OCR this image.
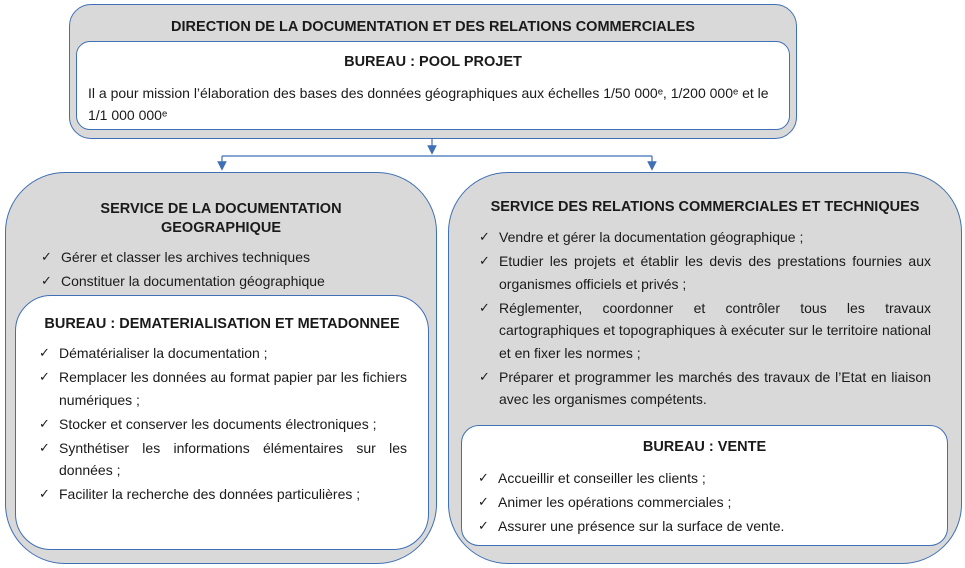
DIRECTION DE LA DOCUMENTATION ET DES RELATIONS COMMERCIALES
BUREAU : POOL PROJET
Il a pour mission l’élaboration des bases des données géographiques aux échelles 1/50 000ᵉ, 1/200 000ᵉ et le 1/1 000 000ᵉ
SERVICE DE LA DOCUMENTATION GEOGRAPHIQUE
✓ Gérer et classer les archives techniques
✓ Constituer la documentation géographique
BUREAU : DEMATERIALISATION ET METADONNEE
✓ Dématérialiser la documentation ;
✓ Remplacer les données au format papier par les fichiers numériques ;
✓ Stocker et conserver les documents électroniques ;
✓ Synthétiser les informations élémentaires sur les données ;
✓ Faciliter la recherche des données particulières ;
SERVICE DES RELATIONS COMMERCIALES ET TECHNIQUES
✓ Vendre et gérer la documentation géographique ;
✓ Etudier les projets et établir les devis des prestations fournies aux organismes officiels et privés ;
✓ Réglementer, coordonner et contrôler tous les travaux cartographiques et topographiques à exécuter sur le territoire national et en fixer les normes ;
✓ Préparer et programmer les marchés des travaux de l’Etat en liaison avec les organismes compétents.
BUREAU : VENTE
✓ Accueillir et conseiller les clients ;
✓ Animer les opérations commerciales ;
✓ Assurer une présence sur la surface de vente.
